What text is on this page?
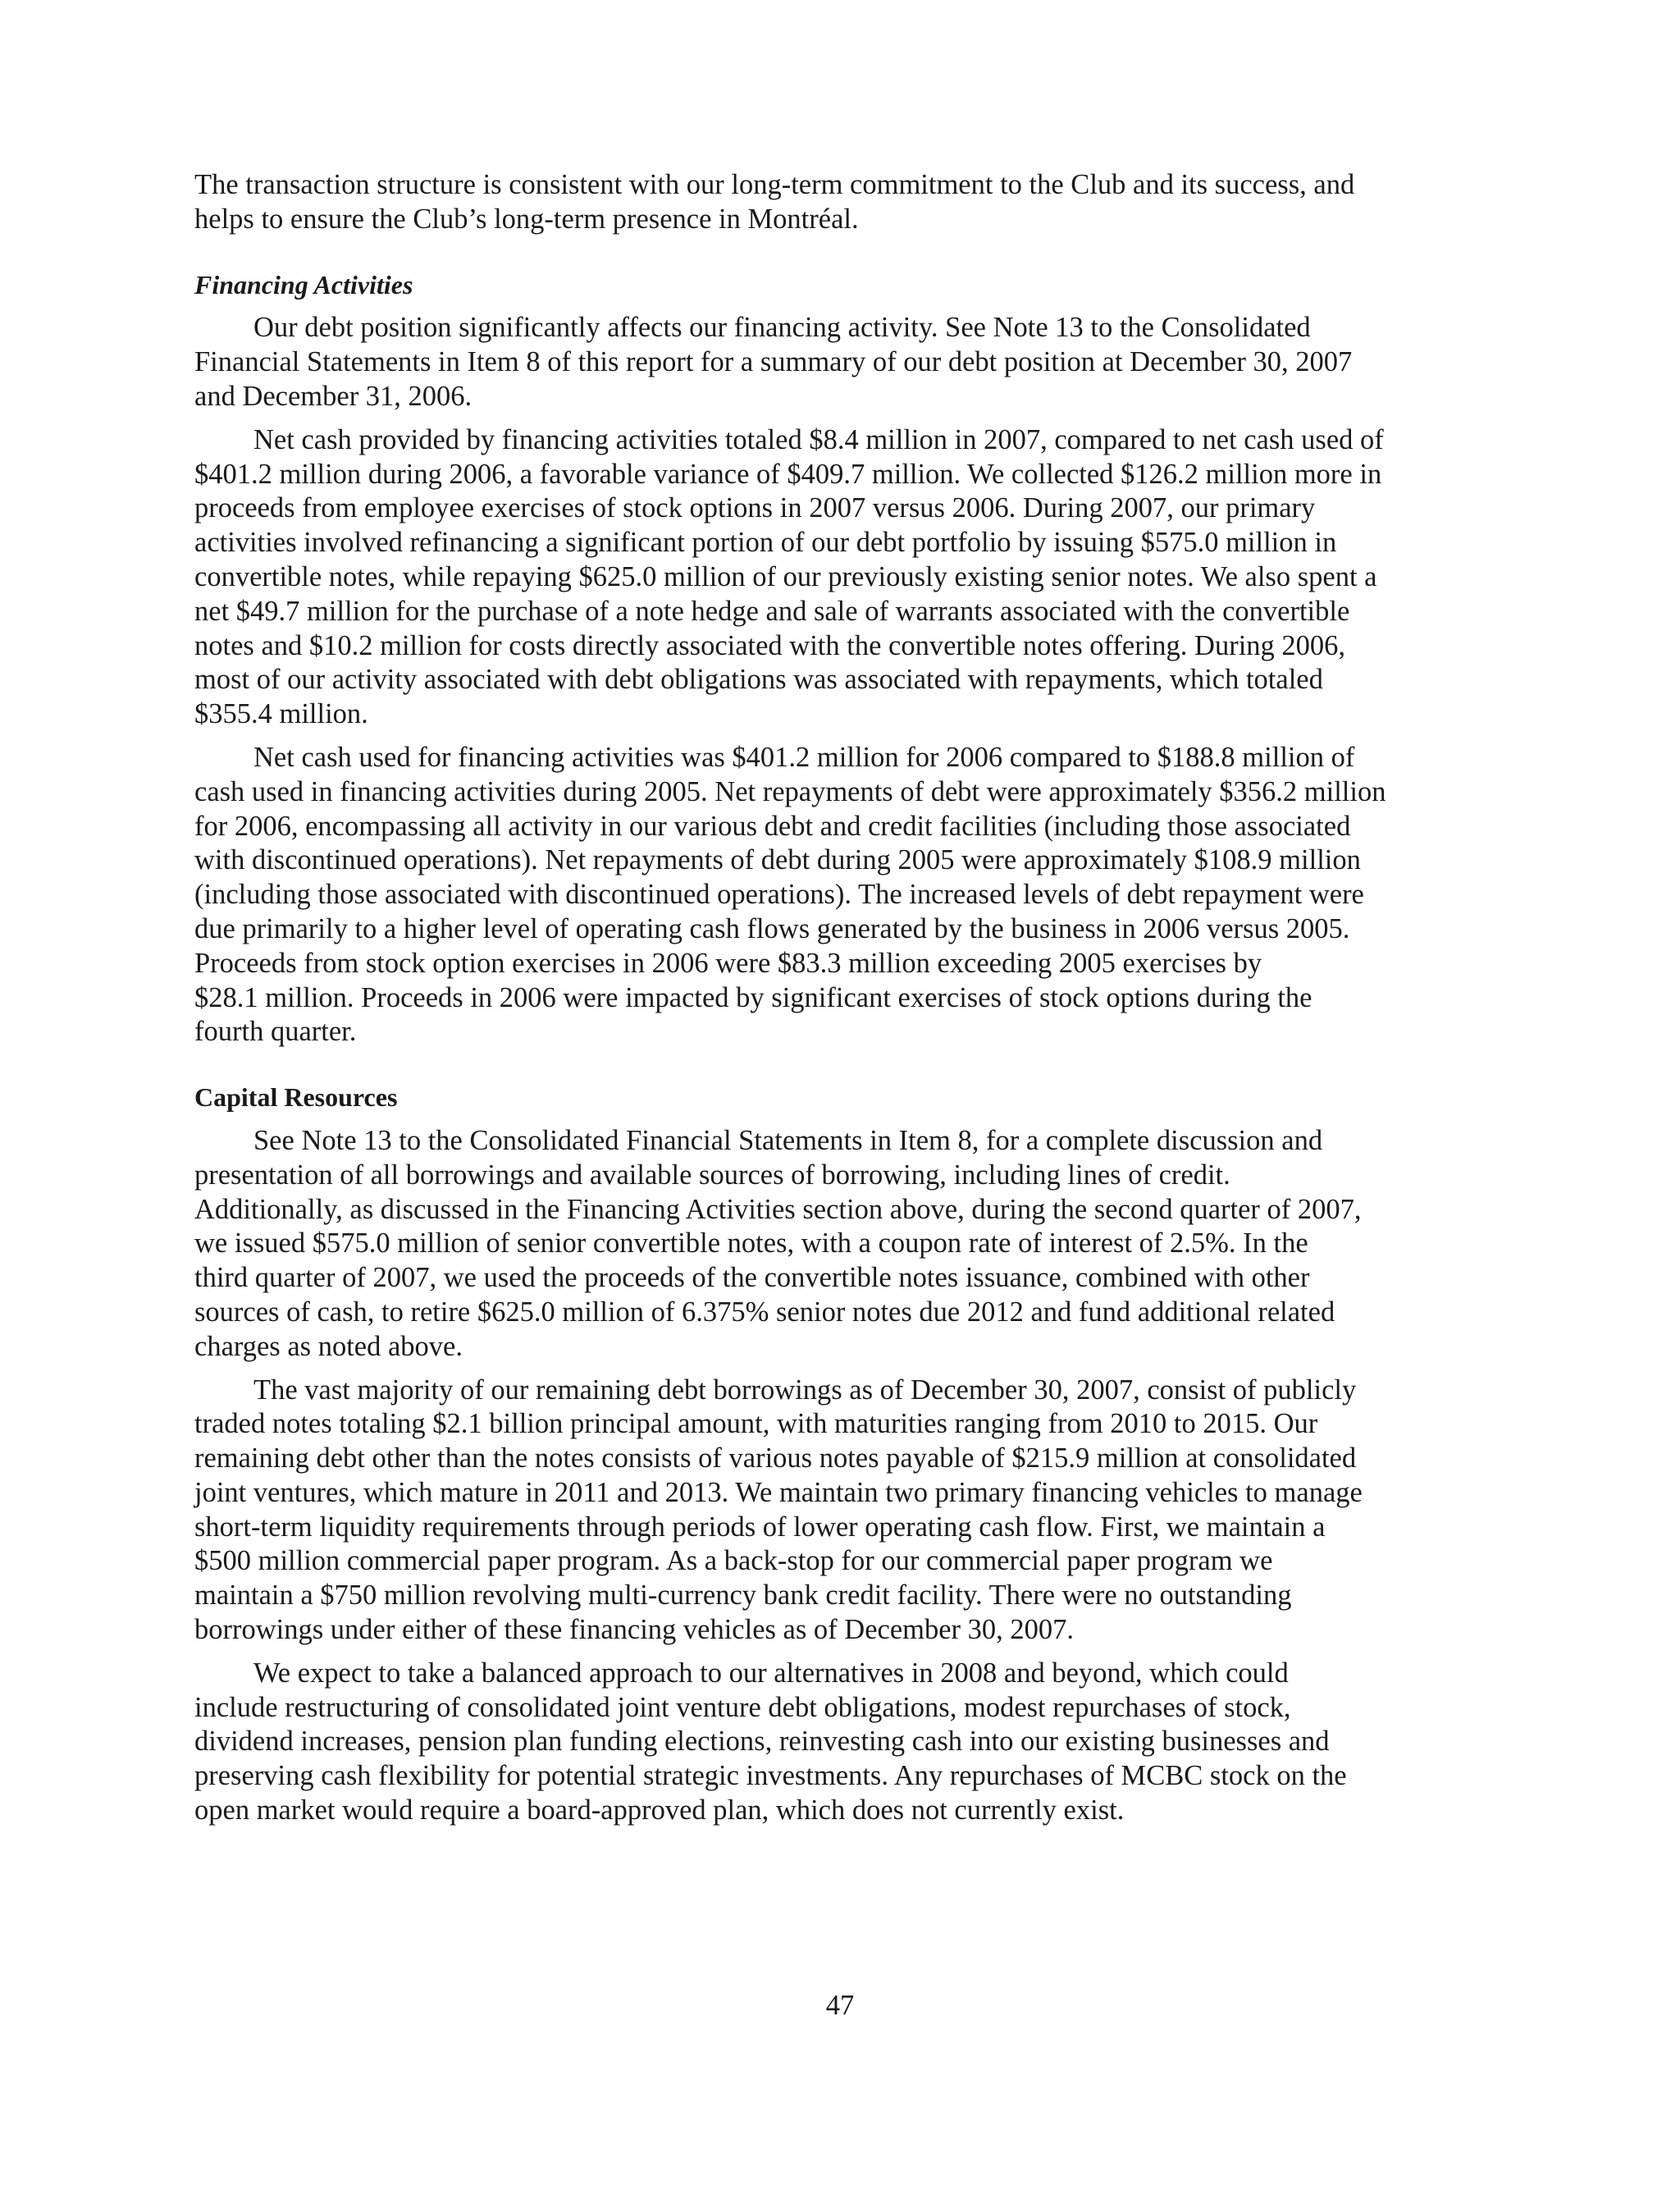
The transaction structure is consistent with our long-term commitment to the Club and its success, and
helps to ensure the Club’s long-term presence in Montréal.

Financing Activities

Our debt position significantly affects our financing activity. See Note 13 to the Consolidated
Financial Statements in Item 8 of this report for a summary of our debt position at December 30, 2007
and December 31, 2006.

Net cash provided by financing activities totaled $8.4 million in 2007, compared to net cash used of
$401.2 million during 2006, a favorable variance of $409.7 million. We collected $126.2 million more in
proceeds from employee exercises of stock options in 2007 versus 2006. During 2007, our primary
activities involved refinancing a significant portion of our debt portfolio by issuing $575.0 million in
convertible notes, while repaying $625.0 million of our previously existing senior notes. We also spent a
net $49.7 million for the purchase of a note hedge and sale of warrants associated with the convertible
notes and $10.2 million for costs directly associated with the convertible notes offering. During 2006,
most of our activity associated with debt obligations was associated with repayments, which totaled
$355.4 million.

Net cash used for financing activities was $401.2 million for 2006 compared to $188.8 million of
cash used in financing activities during 2005. Net repayments of debt were approximately $356.2 million
for 2006, encompassing all activity in our various debt and credit facilities (including those associated
with discontinued operations). Net repayments of debt during 2005 were approximately $108.9 million
(including those associated with discontinued operations). The increased levels of debt repayment were
due primarily to a higher level of operating cash flows generated by the business in 2006 versus 2005.
Proceeds from stock option exercises in 2006 were $83.3 million exceeding 2005 exercises by
$28.1 million. Proceeds in 2006 were impacted by significant exercises of stock options during the
fourth quarter.

Capital Resources

See Note 13 to the Consolidated Financial Statements in Item 8, for a complete discussion and
presentation of all borrowings and available sources of borrowing, including lines of credit.
Additionally, as discussed in the Financing Activities section above, during the second quarter of 2007,
we issued $575.0 million of senior convertible notes, with a coupon rate of interest of 2.5%. In the
third quarter of 2007, we used the proceeds of the convertible notes issuance, combined with other
sources of cash, to retire $625.0 million of 6.375% senior notes due 2012 and fund additional related
charges as noted above.

The vast majority of our remaining debt borrowings as of December 30, 2007, consist of publicly
traded notes totaling $2.1 billion principal amount, with maturities ranging from 2010 to 2015. Our
remaining debt other than the notes consists of various notes payable of $215.9 million at consolidated
joint ventures, which mature in 2011 and 2013. We maintain two primary financing vehicles to manage
short-term liquidity requirements through periods of lower operating cash flow. First, we maintain a
$500 million commercial paper program. As a back-stop for our commercial paper program we
maintain a $750 million revolving multi-currency bank credit facility. There were no outstanding
borrowings under either of these financing vehicles as of December 30, 2007.

We expect to take a balanced approach to our alternatives in 2008 and beyond, which could
include restructuring of consolidated joint venture debt obligations, modest repurchases of stock,
dividend increases, pension plan funding elections, reinvesting cash into our existing businesses and
preserving cash flexibility for potential strategic investments. Any repurchases of MCBC stock on the
open market would require a board-approved plan, which does not currently exist.

47
